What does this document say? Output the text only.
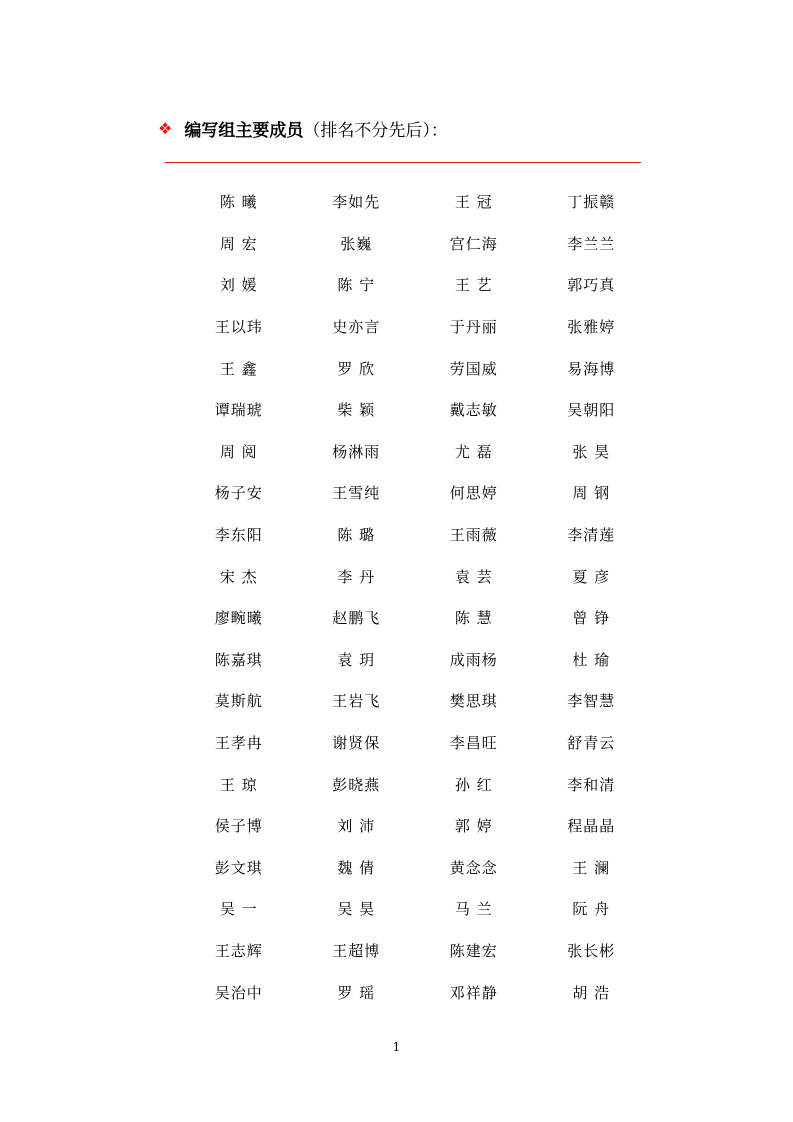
❖ 编写组主要成员 （排名不分先后）：
陈 曦	李如先	王 冠	丁振赣
周 宏	张巍	宫仁海	李兰兰
刘 媛	陈 宁	王 艺	郭巧真
王以玮	史亦言	于丹丽	张雅婷
王 鑫	罗 欣	劳国威	易海博
谭瑞琥	柴 颖	戴志敏	吴朝阳
周 阅	杨淋雨	尤 磊	张 昊
杨子安	王雪纯	何思婷	周 钢
李东阳	陈 璐	王雨薇	李清莲
宋 杰	李 丹	袁 芸	夏 彦
廖畹曦	赵鹏飞	陈 慧	曾 铮
陈嘉琪	袁 玥	成雨杨	杜 瑜
莫斯航	王岩飞	樊思琪	李智慧
王孝冉	谢贤保	李昌旺	舒青云
王 琼	彭晓燕	孙 红	李和清
侯子博	刘 沛	郭 婷	程晶晶
彭文琪	魏 倩	黄念念	王 澜
吴 一	吴 昊	马 兰	阮 舟
王志辉	王超博	陈建宏	张长彬
吴治中	罗 瑶	邓祥静	胡 浩
1
